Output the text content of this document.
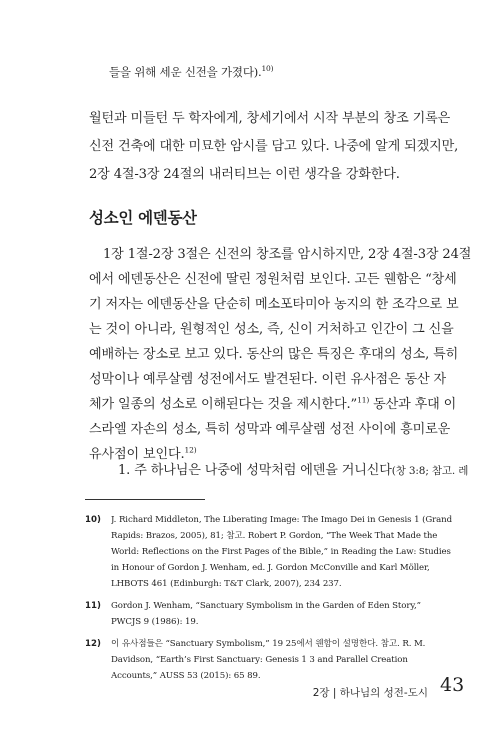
들을 위해 세운 신전을 가졌다).$^{10)}$
월턴과 미들턴 두 학자에게, 창세기에서 시작 부분의 창조 기록은
신전 건축에 대한 미묘한 암시를 담고 있다. 나중에 알게 되겠지만,
2장 4절-3장 24절의 내러티브는 이런 생각을 강화한다.
성소인 에덴동산
1장 1절-2장 3절은 신전의 창조를 암시하지만, 2장 4절-3장 24절
에서 에덴동산은 신전에 딸린 정원처럼 보인다. 고든 웬함은 “창세
기 저자는 에덴동산을 단순히 메소포타미아 농지의 한 조각으로 보
는 것이 아니라, 원형적인 성소, 즉, 신이 거처하고 인간이 그 신을
예배하는 장소로 보고 있다. 동산의 많은 특징은 후대의 성소, 특히
성막이나 예루살렘 성전에서도 발견된다. 이런 유사점은 동산 자
체가 일종의 성소로 이해된다는 것을 제시한다.”$^{11)}$ 동산과 후대 이
스라엘 자손의 성소, 특히 성막과 예루살렘 성전 사이에 흥미로운
유사점이 보인다.$^{12)}$
1. 주 하나님은 나중에 성막처럼 에덴을 거니신다(창 3:8; 참고. 레
10) J. Richard Middleton, The Liberating Image: The Imago Dei in Genesis 1 (Grand
Rapids: Brazos, 2005), 81; 참고. Robert P. Gordon, “The Week That Made the
World: Reflections on the First Pages of the Bible,” in Reading the Law: Studies
in Honour of Gordon J. Wenham, ed. J. Gordon McConville and Karl Möller,
LHBOTS 461 (Edinburgh: T&T Clark, 2007), 234 237.
11) Gordon J. Wenham, “Sanctuary Symbolism in the Garden of Eden Story,”
PWCJS 9 (1986): 19.
12) 이 유사점들은 “Sanctuary Symbolism,” 19 25에서 웬함이 설명한다. 참고. R. M.
Davidson, “Earth’s First Sanctuary: Genesis 1 3 and Parallel Creation
Accounts,” AUSS 53 (2015): 65 89.
2장 | 하나님의 성전-도시 43
